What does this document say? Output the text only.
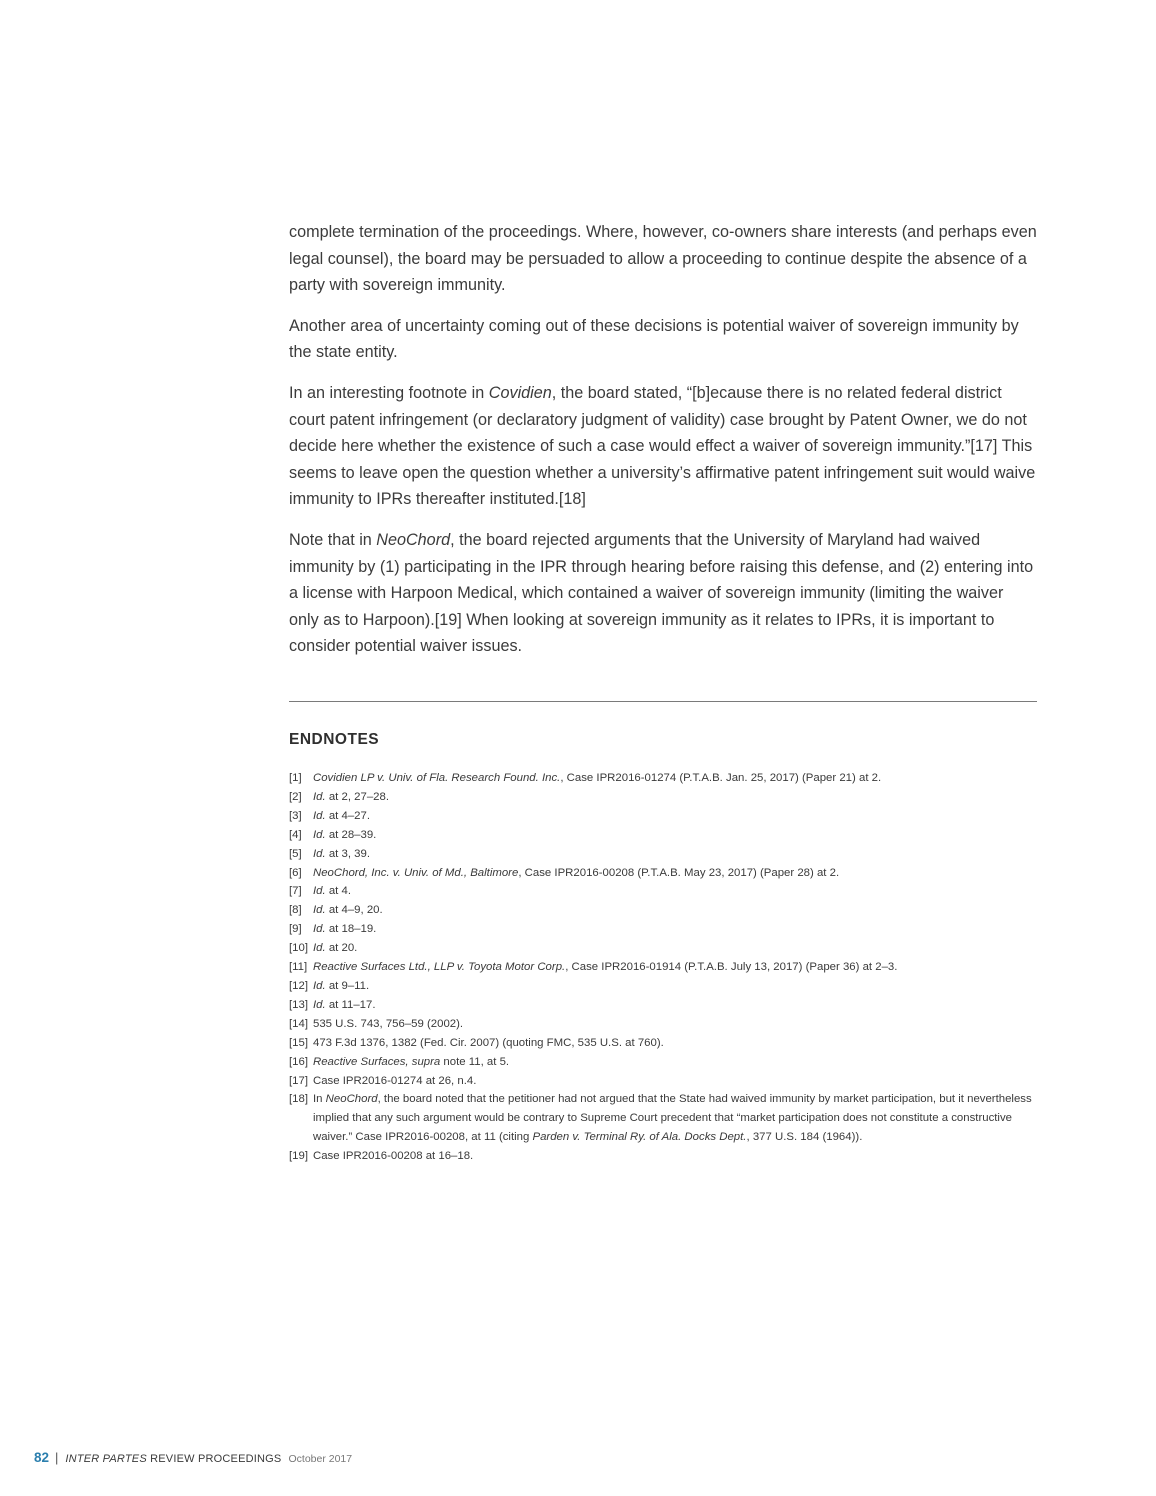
complete termination of the proceedings. Where, however, co-owners share interests (and perhaps even legal counsel), the board may be persuaded to allow a proceeding to continue despite the absence of a party with sovereign immunity.

Another area of uncertainty coming out of these decisions is potential waiver of sovereign immunity by the state entity.

In an interesting footnote in Covidien, the board stated, “[b]ecause there is no related federal district court patent infringement (or declaratory judgment of validity) case brought by Patent Owner, we do not decide here whether the existence of such a case would effect a waiver of sovereign immunity.”[17] This seems to leave open the question whether a university’s affirmative patent infringement suit would waive immunity to IPRs thereafter instituted.[18]

Note that in NeoChord, the board rejected arguments that the University of Maryland had waived immunity by (1) participating in the IPR through hearing before raising this defense, and (2) entering into a license with Harpoon Medical, which contained a waiver of sovereign immunity (limiting the waiver only as to Harpoon).[19] When looking at sovereign immunity as it relates to IPRs, it is important to consider potential waiver issues.

ENDNOTES
[1] Covidien LP v. Univ. of Fla. Research Found. Inc., Case IPR2016-01274 (P.T.A.B. Jan. 25, 2017) (Paper 21) at 2.
[2] Id. at 2, 27–28.
[3] Id. at 4–27.
[4] Id. at 28–39.
[5] Id. at 3, 39.
[6] NeoChord, Inc. v. Univ. of Md., Baltimore, Case IPR2016-00208 (P.T.A.B. May 23, 2017) (Paper 28) at 2.
[7] Id. at 4.
[8] Id. at 4–9, 20.
[9] Id. at 18–19.
[10] Id. at 20.
[11] Reactive Surfaces Ltd., LLP v. Toyota Motor Corp., Case IPR2016-01914 (P.T.A.B. July 13, 2017) (Paper 36) at 2–3.
[12] Id. at 9–11.
[13] Id. at 11–17.
[14] 535 U.S. 743, 756–59 (2002).
[15] 473 F.3d 1376, 1382 (Fed. Cir. 2007) (quoting FMC, 535 U.S. at 760).
[16] Reactive Surfaces, supra note 11, at 5.
[17] Case IPR2016-01274 at 26, n.4.
[18] In NeoChord, the board noted that the petitioner had not argued that the State had waived immunity by market participation, but it nevertheless implied that any such argument would be contrary to Supreme Court precedent that “market participation does not constitute a constructive waiver.” Case IPR2016-00208, at 11 (citing Parden v. Terminal Ry. of Ala. Docks Dept., 377 U.S. 184 (1964)).
[19] Case IPR2016-00208 at 16–18.
82 | INTER PARTES REVIEW PROCEEDINGS October 2017
